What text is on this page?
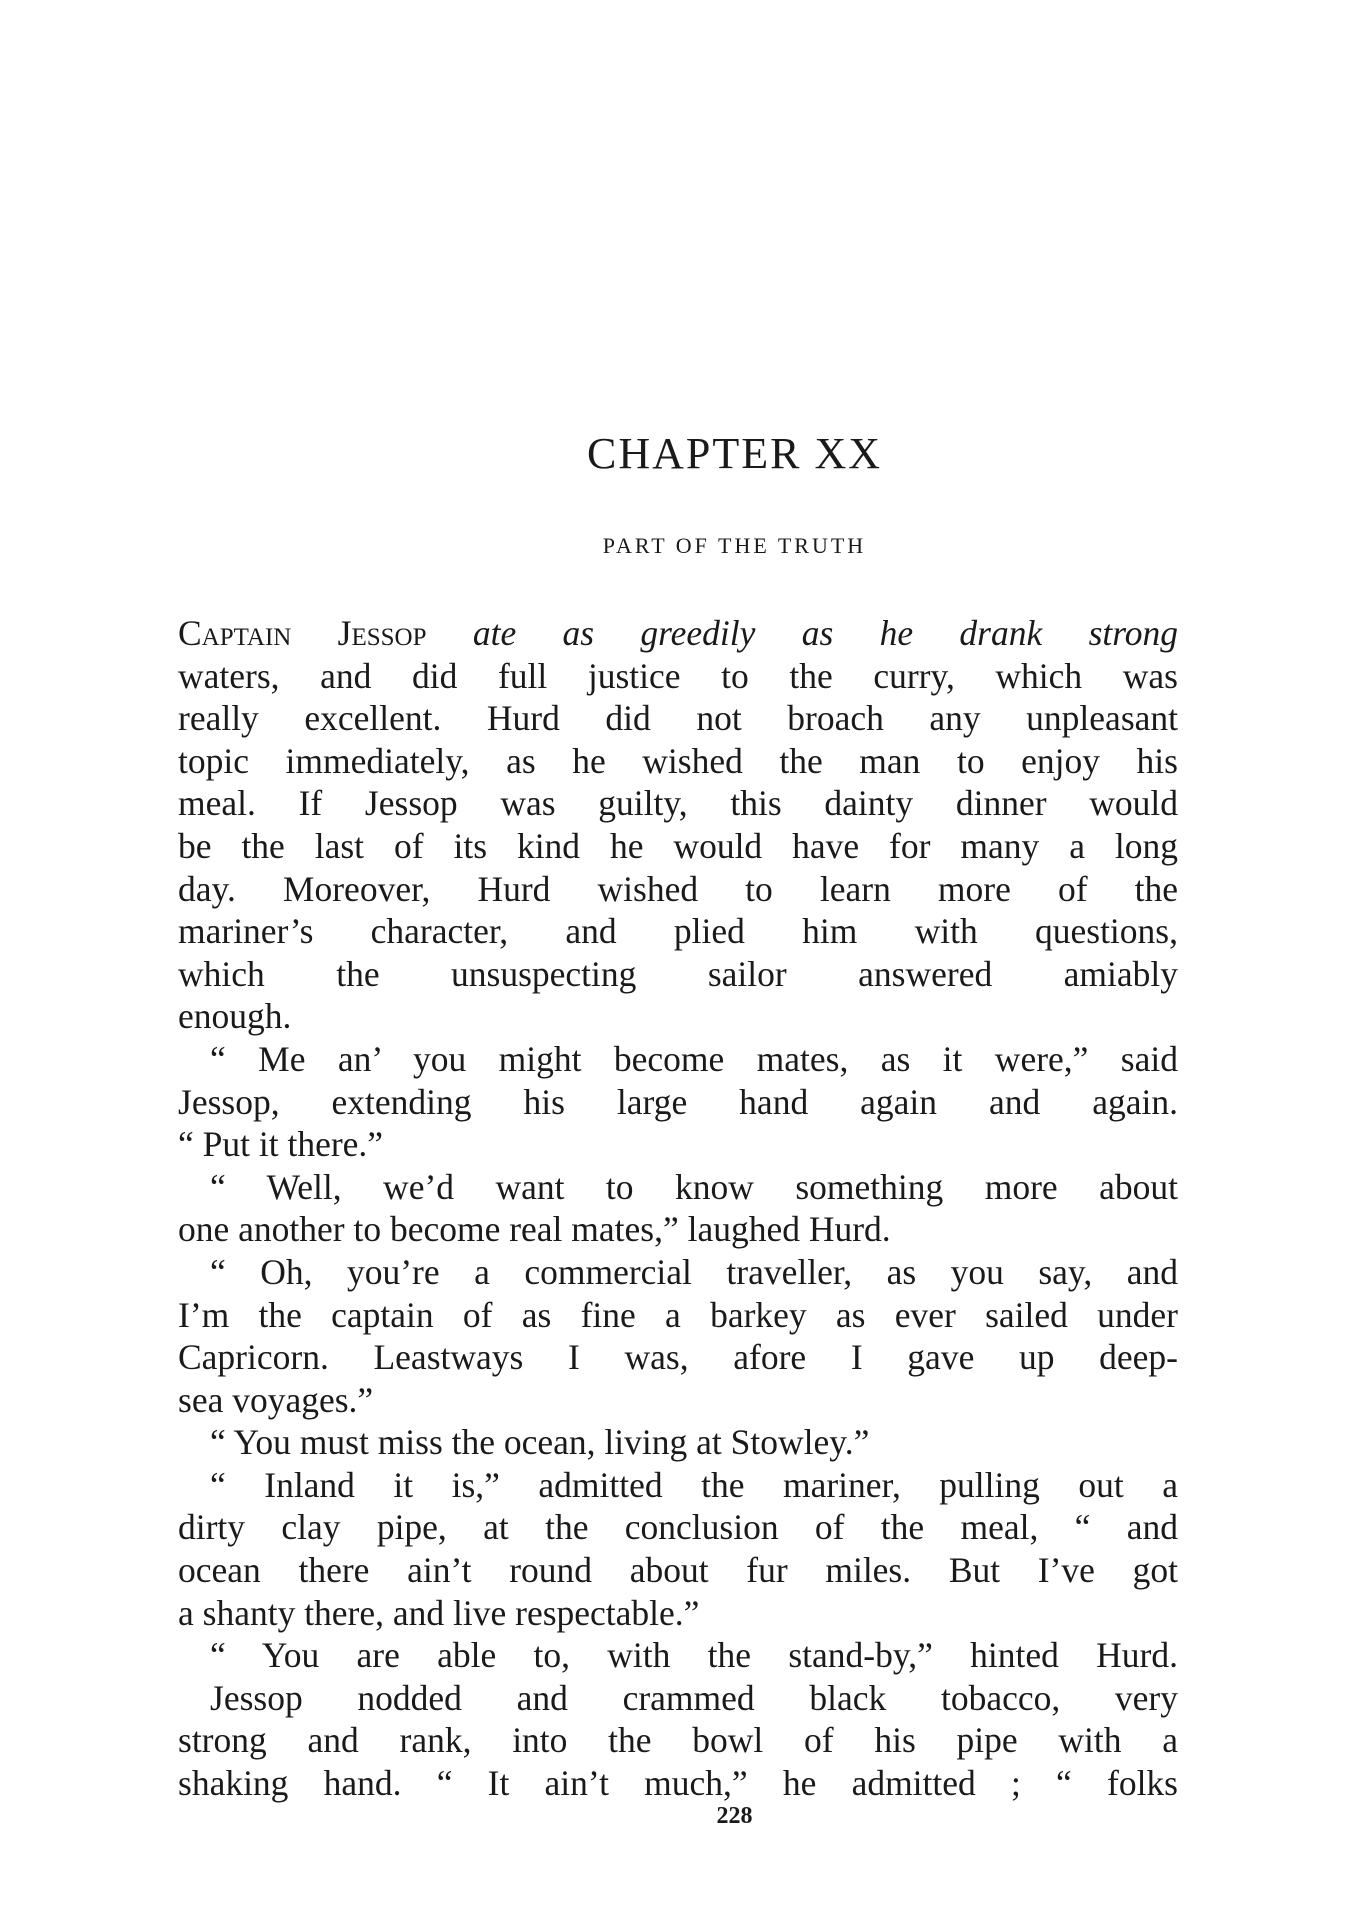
CHAPTER XX
PART OF THE TRUTH
Captain Jessop ate as greedily as he drank strong
waters, and did full justice to the curry, which was
really excellent. Hurd did not broach any unpleasant
topic immediately, as he wished the man to enjoy his
meal. If Jessop was guilty, this dainty dinner would
be the last of its kind he would have for many a long
day. Moreover, Hurd wished to learn more of the
mariner’s character, and plied him with questions,
which the unsuspecting sailor answered amiably
enough.
“ Me an’ you might become mates, as it were,” said
Jessop, extending his large hand again and again.
“ Put it there.”
“ Well, we’d want to know something more about
one another to become real mates,” laughed Hurd.
“ Oh, you’re a commercial traveller, as you say, and
I’m the captain of as fine a barkey as ever sailed under
Capricorn. Leastways I was, afore I gave up deep-
sea voyages.”
“ You must miss the ocean, living at Stowley.”
“ Inland it is,” admitted the mariner, pulling out a
dirty clay pipe, at the conclusion of the meal, “ and
ocean there ain’t round about fur miles. But I’ve got
a shanty there, and live respectable.”
“ You are able to, with the stand-by,” hinted Hurd.
Jessop nodded and crammed black tobacco, very
strong and rank, into the bowl of his pipe with a
shaking hand. “ It ain’t much,” he admitted ; “ folks
228
